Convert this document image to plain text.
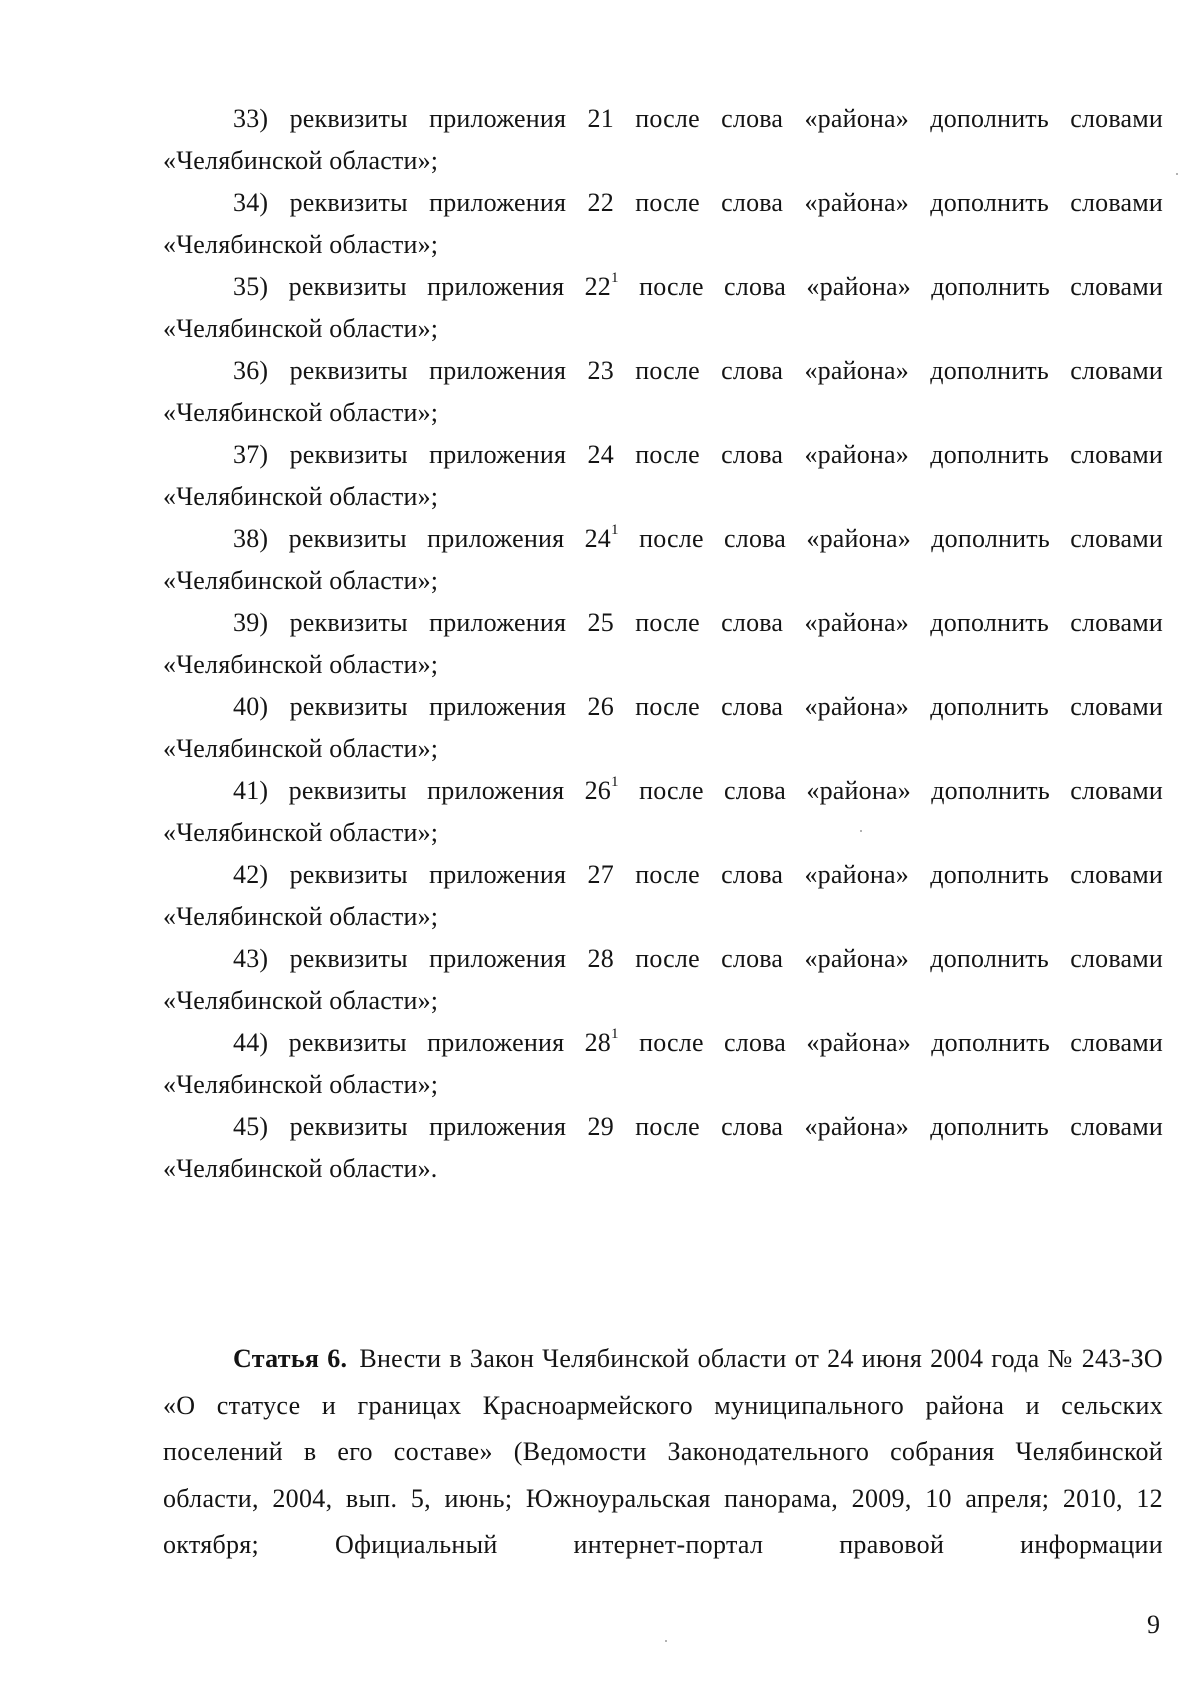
33) реквизиты приложения 21 после слова «района» дополнить словами «Челябинской области»;

34) реквизиты приложения 22 после слова «района» дополнить словами «Челябинской области»;

35) реквизиты приложения $22^1$ после слова «района» дополнить словами «Челябинской области»;

36) реквизиты приложения 23 после слова «района» дополнить словами «Челябинской области»;

37) реквизиты приложения 24 после слова «района» дополнить словами «Челябинской области»;

38) реквизиты приложения $24^1$ после слова «района» дополнить словами «Челябинской области»;

39) реквизиты приложения 25 после слова «района» дополнить словами «Челябинской области»;

40) реквизиты приложения 26 после слова «района» дополнить словами «Челябинской области»;

41) реквизиты приложения $26^1$ после слова «района» дополнить словами «Челябинской области»;

42) реквизиты приложения 27 после слова «района» дополнить словами «Челябинской области»;

43) реквизиты приложения 28 после слова «района» дополнить словами «Челябинской области»;

44) реквизиты приложения $28^1$ после слова «района» дополнить словами «Челябинской области»;

45) реквизиты приложения 29 после слова «района» дополнить словами «Челябинской области».

Статья 6. Внести в Закон Челябинской области от 24 июня 2004 года № 243-ЗО «О статусе и границах Красноармейского муниципального района и сельских поселений в его составе» (Ведомости Законодательного собрания Челябинской области, 2004, вып. 5, июнь; Южноуральская панорама, 2009, 10 апреля; 2010, 12 октября; Официальный интернет-портал правовой информации

9
